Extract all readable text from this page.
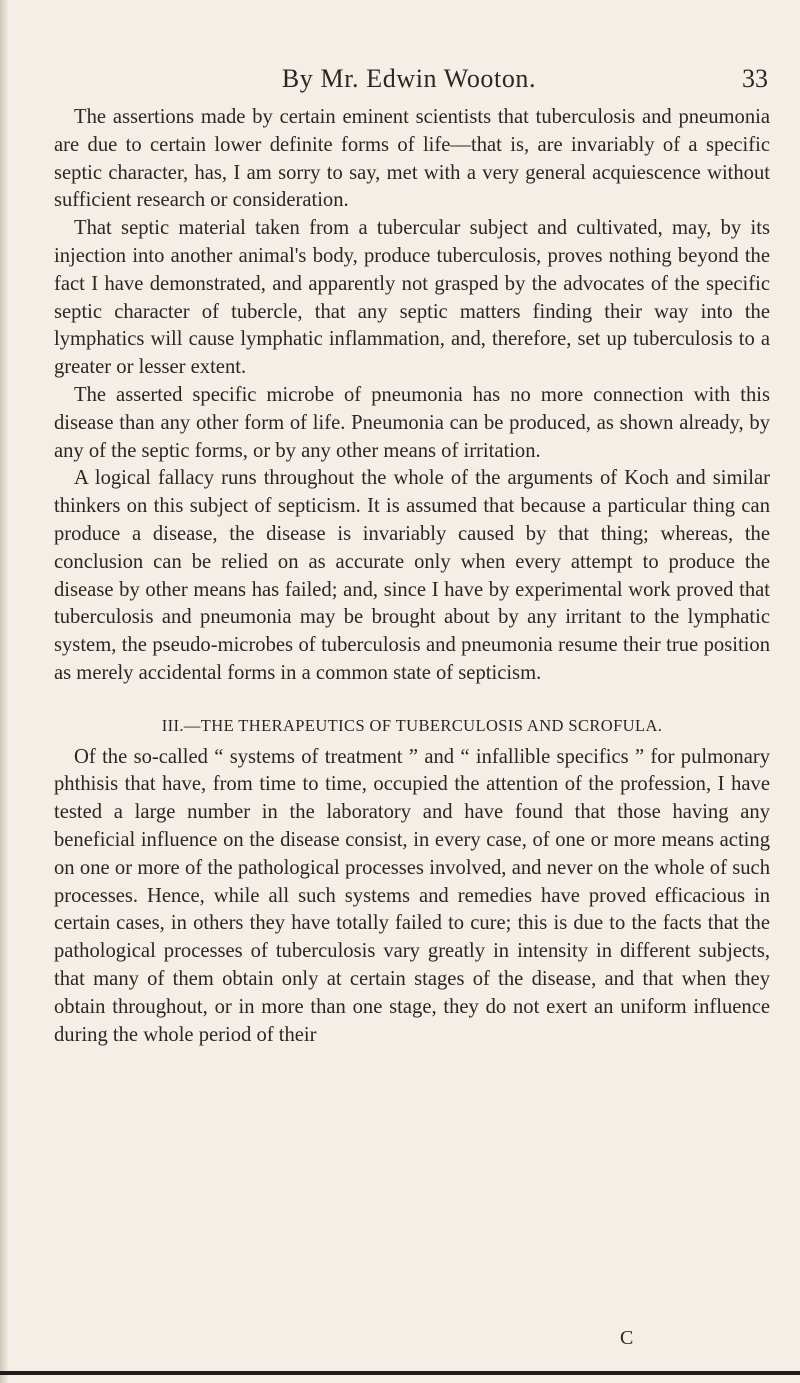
By Mr. Edwin Wooton.	33

The assertions made by certain eminent scientists that tuberculosis and pneumonia are due to certain lower definite forms of life—that is, are invariably of a specific septic character, has, I am sorry to say, met with a very general acquiescence without sufficient research or consideration.

That septic material taken from a tubercular subject and cultivated, may, by its injection into another animal's body, produce tuberculosis, proves nothing beyond the fact I have demonstrated, and apparently not grasped by the advocates of the specific septic character of tubercle, that any septic matters finding their way into the lymphatics will cause lymphatic inflammation, and, therefore, set up tuberculosis to a greater or lesser extent.

The asserted specific microbe of pneumonia has no more connection with this disease than any other form of life. Pneumonia can be produced, as shown already, by any of the septic forms, or by any other means of irritation.

A logical fallacy runs throughout the whole of the arguments of Koch and similar thinkers on this subject of septicism. It is assumed that because a particular thing can produce a disease, the disease is invariably caused by that thing; whereas, the conclusion can be relied on as accurate only when every attempt to produce the disease by other means has failed; and, since I have by experimental work proved that tuberculosis and pneumonia may be brought about by any irritant to the lymphatic system, the pseudo-microbes of tuberculosis and pneumonia resume their true position as merely accidental forms in a common state of septicism.

III.—THE THERAPEUTICS OF TUBERCULOSIS AND SCROFULA.

Of the so-called “ systems of treatment ” and “ infallible specifics ” for pulmonary phthisis that have, from time to time, occupied the attention of the profession, I have tested a large number in the laboratory and have found that those having any beneficial influence on the disease consist, in every case, of one or more means acting on one or more of the pathological processes involved, and never on the whole of such processes. Hence, while all such systems and remedies have proved efficacious in certain cases, in others they have totally failed to cure; this is due to the facts that the pathological processes of tuberculosis vary greatly in intensity in different subjects, that many of them obtain only at certain stages of the disease, and that when they obtain throughout, or in more than one stage, they do not exert an uniform influence during the whole period of their

C
